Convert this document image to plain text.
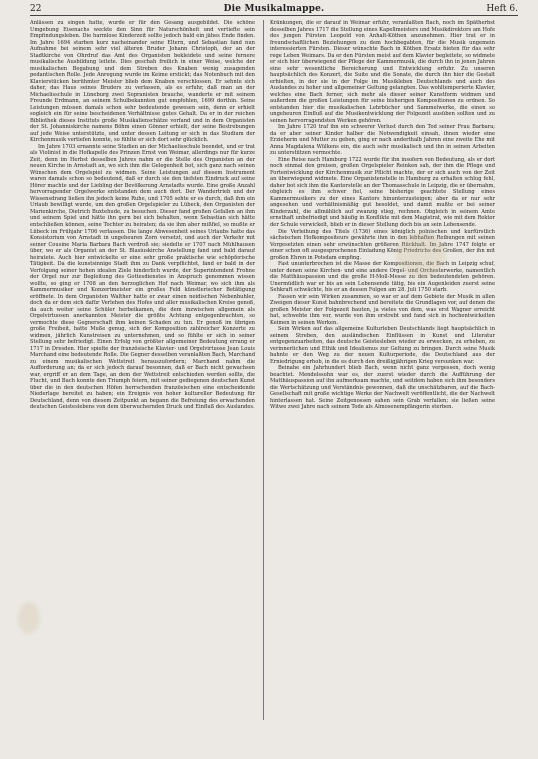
22	Die Musikalmappe.	Heft 6.

Anlässen zu singen hatte, wurde er für den Gesang ausgebildet. Die schöne Umgebung Eisenachs weckte den Sinn für Naturschönheit und vertiefte sein Empfindungsleben. Die harmlose Kinderzeit sollte jedoch bald ein jähes Ende finden. Im Jahre 1694 starben kurz nacheinander seine Eltern, und Sebastian fand nun Aufnahme bei seinem sehr viel älteren Bruder Johann Christoph, der an der Stadtkirche von Ohrdruf das Amt des Organisten bekleidete und seine fernere musikalische Ausbildung leitete. Dies geschah freilich in einer Weise, welche der musikalischen Begabung und dem Streben des Knaben wenig zusagenden pedantischen Rolle. Jede Anregung wurde im Keime erstickt; das Notenbuch mit den Klavierstücken berühmter Meister blieb dem Knaben verschlossen. Er sehnte sich daher, das Haus seines Bruders zu verlassen, als es erfuhr, daß man an der Michaelisschule in Lüneburg zwei Sopranisten brauche, wanderte er mit seinem Freunde Erdmann, an seinem Schulbekannten gut empfohlen, 1699 dorthin. Seine Leistungen müssen damals schon sehr bedeutende gewesen sein, denn er erhielt sogleich ein für seine bescheidenen Verhältnisse gutes Gehalt. Da er in der reichen Bibliothek dieses Instituts große Musikalienschätze vorfand und in dem Organisten der St. Johanniskirche namens Böhm einen Gönner erhielt, der seine Bestrebungen auf jede Weise unterstützte, und unter dessen Leitung er sich in das Studium der Kirchenmusik vertiefen konnte, so fühlte er sich dort sehr glücklich.

Im Jahre 1703 ernannte seine Studien an der Michaelisschule beendet, und er trat als Violinist in die Hofkapelle des Prinzen Ernst von Weimar, allerdings nur für kurze Zeit, denn im Herbst desselben Jahres nahm er die Stelle des Organisten an der neuen Kirche in Arnstadt an, wo sich ihm die Gelegenheit bot, sich ganz nach seinen Wünschen dem Orgelspiel zu widmen. Seine Leistungen auf diesem Instrument waren damals schon so bedeutend, daß er durch sie den tiefsten Eindruck auf seine Hörer machte und der Liebling der Bevölkerung Arnstadts wurde. Eine große Anzahl hervorragender Orgelwerke entstanden dem auch dort. Der Wandertrieb und der Wissensdrang ließen ihn jedoch keine Ruhe, und 1705 sehte er es durch, daß ihm ein Urlaub bewilligt wurde, um den großen Orgelspieler zu Lübeck, den Organisten der Marienkirche, Dietrich Buxtehude, zu besuchen. Dieser fand großen Gefallen an ihm und seinem Spiel und hätte ihn gern bei sich behalten, wenn Sebastian sich hätte entschließen können, seine Tochter zu heiraten; da sie ihm aber mißfiel, so mußte er Lübeck im Frühjahr 1706 verlassen. Die lange Abwesenheit seines Urlaubs hatte das Konsistorium von Arnstadt in ungeheuren Zorn versetzt, und auch der Verkehr mit seiner Cousine Maria Barbara Bach verdroß sie; siedelte er 1707 nach Mühlhausen über, wo er als Organist an der St. Blasiuskirche Anstellung fand und bald darauf heiratete. Auch hier entwickelte er eine sehr große praktische wie schöpferische Tätigkeit. Da die kunstsinnige Stadt ihm zu Dank verpflichtet, fand er bald in der Verfolgung seiner hohen idealen Ziele hinderlich wurde, der Superintendent Frohne der Orgel nur zur Begleitung des Gottesdienstes in Anspruch genommen wissen wollte, so ging er 1708 an den herzoglichen Hof nach Weimar, wo sich ihm als Kammermusiker und Konzertmeister ein großes Feld künstlerischer Betätigung eröffnete. In dem Organisten Walther hatte er zwar einen neidischen Nebenbuhler, doch da er dem sich dafür Verlehen des Hofes und aller musikalischen Kreise genoß, da auch weiter seine Schüler herbeikamen, die dem inzwischen allgemein als Orgelvirtuosen anerkannten Meister die größte Achtung entgegenbrachten, so vermochte diese Gegnerschaft ihm keinen Schaden zu tun. Er genoß im übrigen große Freiheit, hatte Muße genug, sich der Komposition zahlreicher Konzerte zu widmen, jährlich Kunstreisen zu unternehmen, und so fühlte er sich in seiner Stellung sehr befriedigt. Einen Erfolg von größter allgemeiner Bedeutung errang er 1717 in Dresden. Hier spielte der französische Klavier- und Orgelvirtuose Jean Louis Marchand eine bedeutende Rolle. Die Gegner desselben veranlaßten Bach, Marchand zu einem musikalischen Wettstreit herauszufordern; Marchand nahm die Aufforderung an; da er sich jedoch darauf besonnen, daß er Bach nicht gewachsen war, ergriff er an dem Tage, an dem der Wettstreit entschieden werden sollte, die Flucht, und Bach konnte den Triumph feiern, mit seiner gediegenen deutschen Kunst über die in den deutschen Höfen herrschenden französischen eine entscheidende Niederlage bereitet zu haben; ein Ereignis von hoher kultureller Bedeutung für Deutschland, denn von diesem Zeitpunkt an begann die Befreiung des erwachenden deutschen Geisteslebens von dem überwuchernden Druck und Einfluß des Auslandes.

Kränkungen, die er darauf in Weimar erfuhr, veranlaßten Bach, noch im Spätherbst desselben Jahres 1717 die Stellung eines Kapellmeisters und Musikdirektors am Hofe des jungen Fürsten Leopold von Anhalt-Köthen anzunehmen. Hier trat er in freundschaftlichen Beziehungen zu dem hochbegabten, für die Musik ungemein interessierten Fürsten. Dieser wünschte Bach in Köthen Ersatz bieten für das sehr rege Leben Weimars. Da er den Fürsten meist auf dem Klavier begleitete, so widmete er sich hier überwiegend der Pflege der Kammermusik, die durch ihn in jenen Jahren eine sehr wesentliche Bereicherung und Entwicklung erfuhr. Zu unseren hauptsächlich des Konzert, die Suite und die Sonate, die durch ihn hier die Gestalt erhielten, in der sie in der Folge im Musikleben Deutschlands und auch des Auslandes zu hoher und allgemeiner Geltung gelangten. Das wohltemperierte Klavier, welches eine Bach ferner, sich mehr als dieser seiner Kunstform widmen und außerdem die großen Leistungen für seine bisherigen Kompositionen zu ordnen. So entstanden hier die musikalischen Lehrbücher und Sammelwerke, die einen so ungeheuren Einfluß auf die Musikentwicklung der Folgezeit ausüben sollten und zu seinen hervorragendsten Werken gehören.

Im Jahre 1720 traf ihn ein schwerer Verlust durch den Tod seiner Frau Barbara; da er aber seiner Kinder halber die Notwendigkeit einsah, ihnen wieder eine Erzieherin und Mutter zu geben, ging er nach anderthalb Jahren eine zweite Ehe mit Anna Magdalena Wülkens ein, die auch sehr musikalisch und ihn in seinen Arbeiten zu unterstützen vermochte.

Eine Reise nach Hamburg 1722 wurde für ihn insofern von Bedeutung, als er dort noch einmal den greisen, großen Orgelspieler Reinken sah, der ihm die Pflege und Fortentwicklung der Kirchenmusik zur Pflicht machte, der er sich auch von der Zeit an überwiegend widmete. Eine Organistenstelle in Hamburg zu erhalten schlug fehl, daher bot sich ihm die Kantorstelle an der Thomasschule in Leipzig, die er übernahm, obgleich es ihm schwer fiel, seine bisherige geachtete Stellung eines Kammermusikers zu der eines Kantors hinunterzusteigen; aber da er nur sehr angesehen und verhältnismäßig gut besoldet, und damit mußte er bei seiner Kinderzahl, die allmählich auf zwanzig stieg, rechnen. Obgleich in seinem Amte ernsthaft unbefriedigt und häufig in Konflikte mit dem Magistrat, wie mit dem Rektor der Schule verwickelt, blieb er in dieser Stellung doch bis an sein Lebensende.

Die Verleihung des Titels (1736) eines königlich polnischen und kurfürstlich sächsischen Hofkompositeurs gewährte ihm in den lebhaften Reibungen mit seinen Vorgesetzten einen sehr erwünschten größeren Rückhalt. Im Jahre 1747 folgte er einer schon oft ausgesprochenen Einladung König Friedrichs des Großen, der ihn mit großen Ehren in Potsdam empfing.

Fast ununterbrochen ist die Masse der Kompositionen, die Bach in Leipzig schuf, unter denen seine Kirchen- und eine andere Orgel- und Orchesterwerke, namentlich die Matthäuspassion und die große H-Moll-Messe zu den bedeutendsten gehören. Unermüdlich war er bis an sein Lebensende tätig, bis ein Augenleiden zuerst seine Sehkraft schwächte, bis er an dessen Folgen am 28. Juli 1750 starb.

Fassen wir sein Wirken zusammen, so war er auf dem Gebiete der Musik in allen Zweigen dieser Kunst bahnbrechend und bereitete die Grundlagen vor, auf denen die großen Meister der Folgezeit bauten, ja vieles von dem, was erst Wagner erreicht hat, schwebte ihm vor, wurde von ihm erstrebt und fand sich in hochentwickelten Keimen in seinen Werken.

Sein Wirken auf das allgemeine Kulturleben Deutschlands liegt hauptsächlich in seinem Streben, den ausländischen Einflüssen in Kunst und Literatur entgegenzuarbeiten, das deutsche Geistesleben wieder zu erwecken, zu erheben, zu verinnerlichen und Ethik und Idealismus zur Geltung zu bringen. Durch seine Musik bahnte er den Weg zu der neuen Kulturperiode, die Deutschland aus der Erniedrigung erhob, in die es durch den dreißigjährigen Krieg versunken war.

Beinahe ein Jahrhundert blieb Bach, wenn nicht ganz vergessen, doch wenig beachtet. Mendelssohn war es, der zuerst wieder durch die Aufführung der Matthäuspassion auf ihn aufmerksam machte, und seitdem haben sich ihm besonders die Wertschätzung und Verständnis gewonnen, daß die unschätzbaren, auf die Bach-Gesellschaft mit große wichtige Werke der Nachwelt veröffentlicht, die der Nachwelt hinterlassen hat. Seine Zeitgenossen sahen sein Grab verfallen; sie ließen seine Witwe zwei Jahre nach seinem Tode als Almosenempfängerin sterben.
